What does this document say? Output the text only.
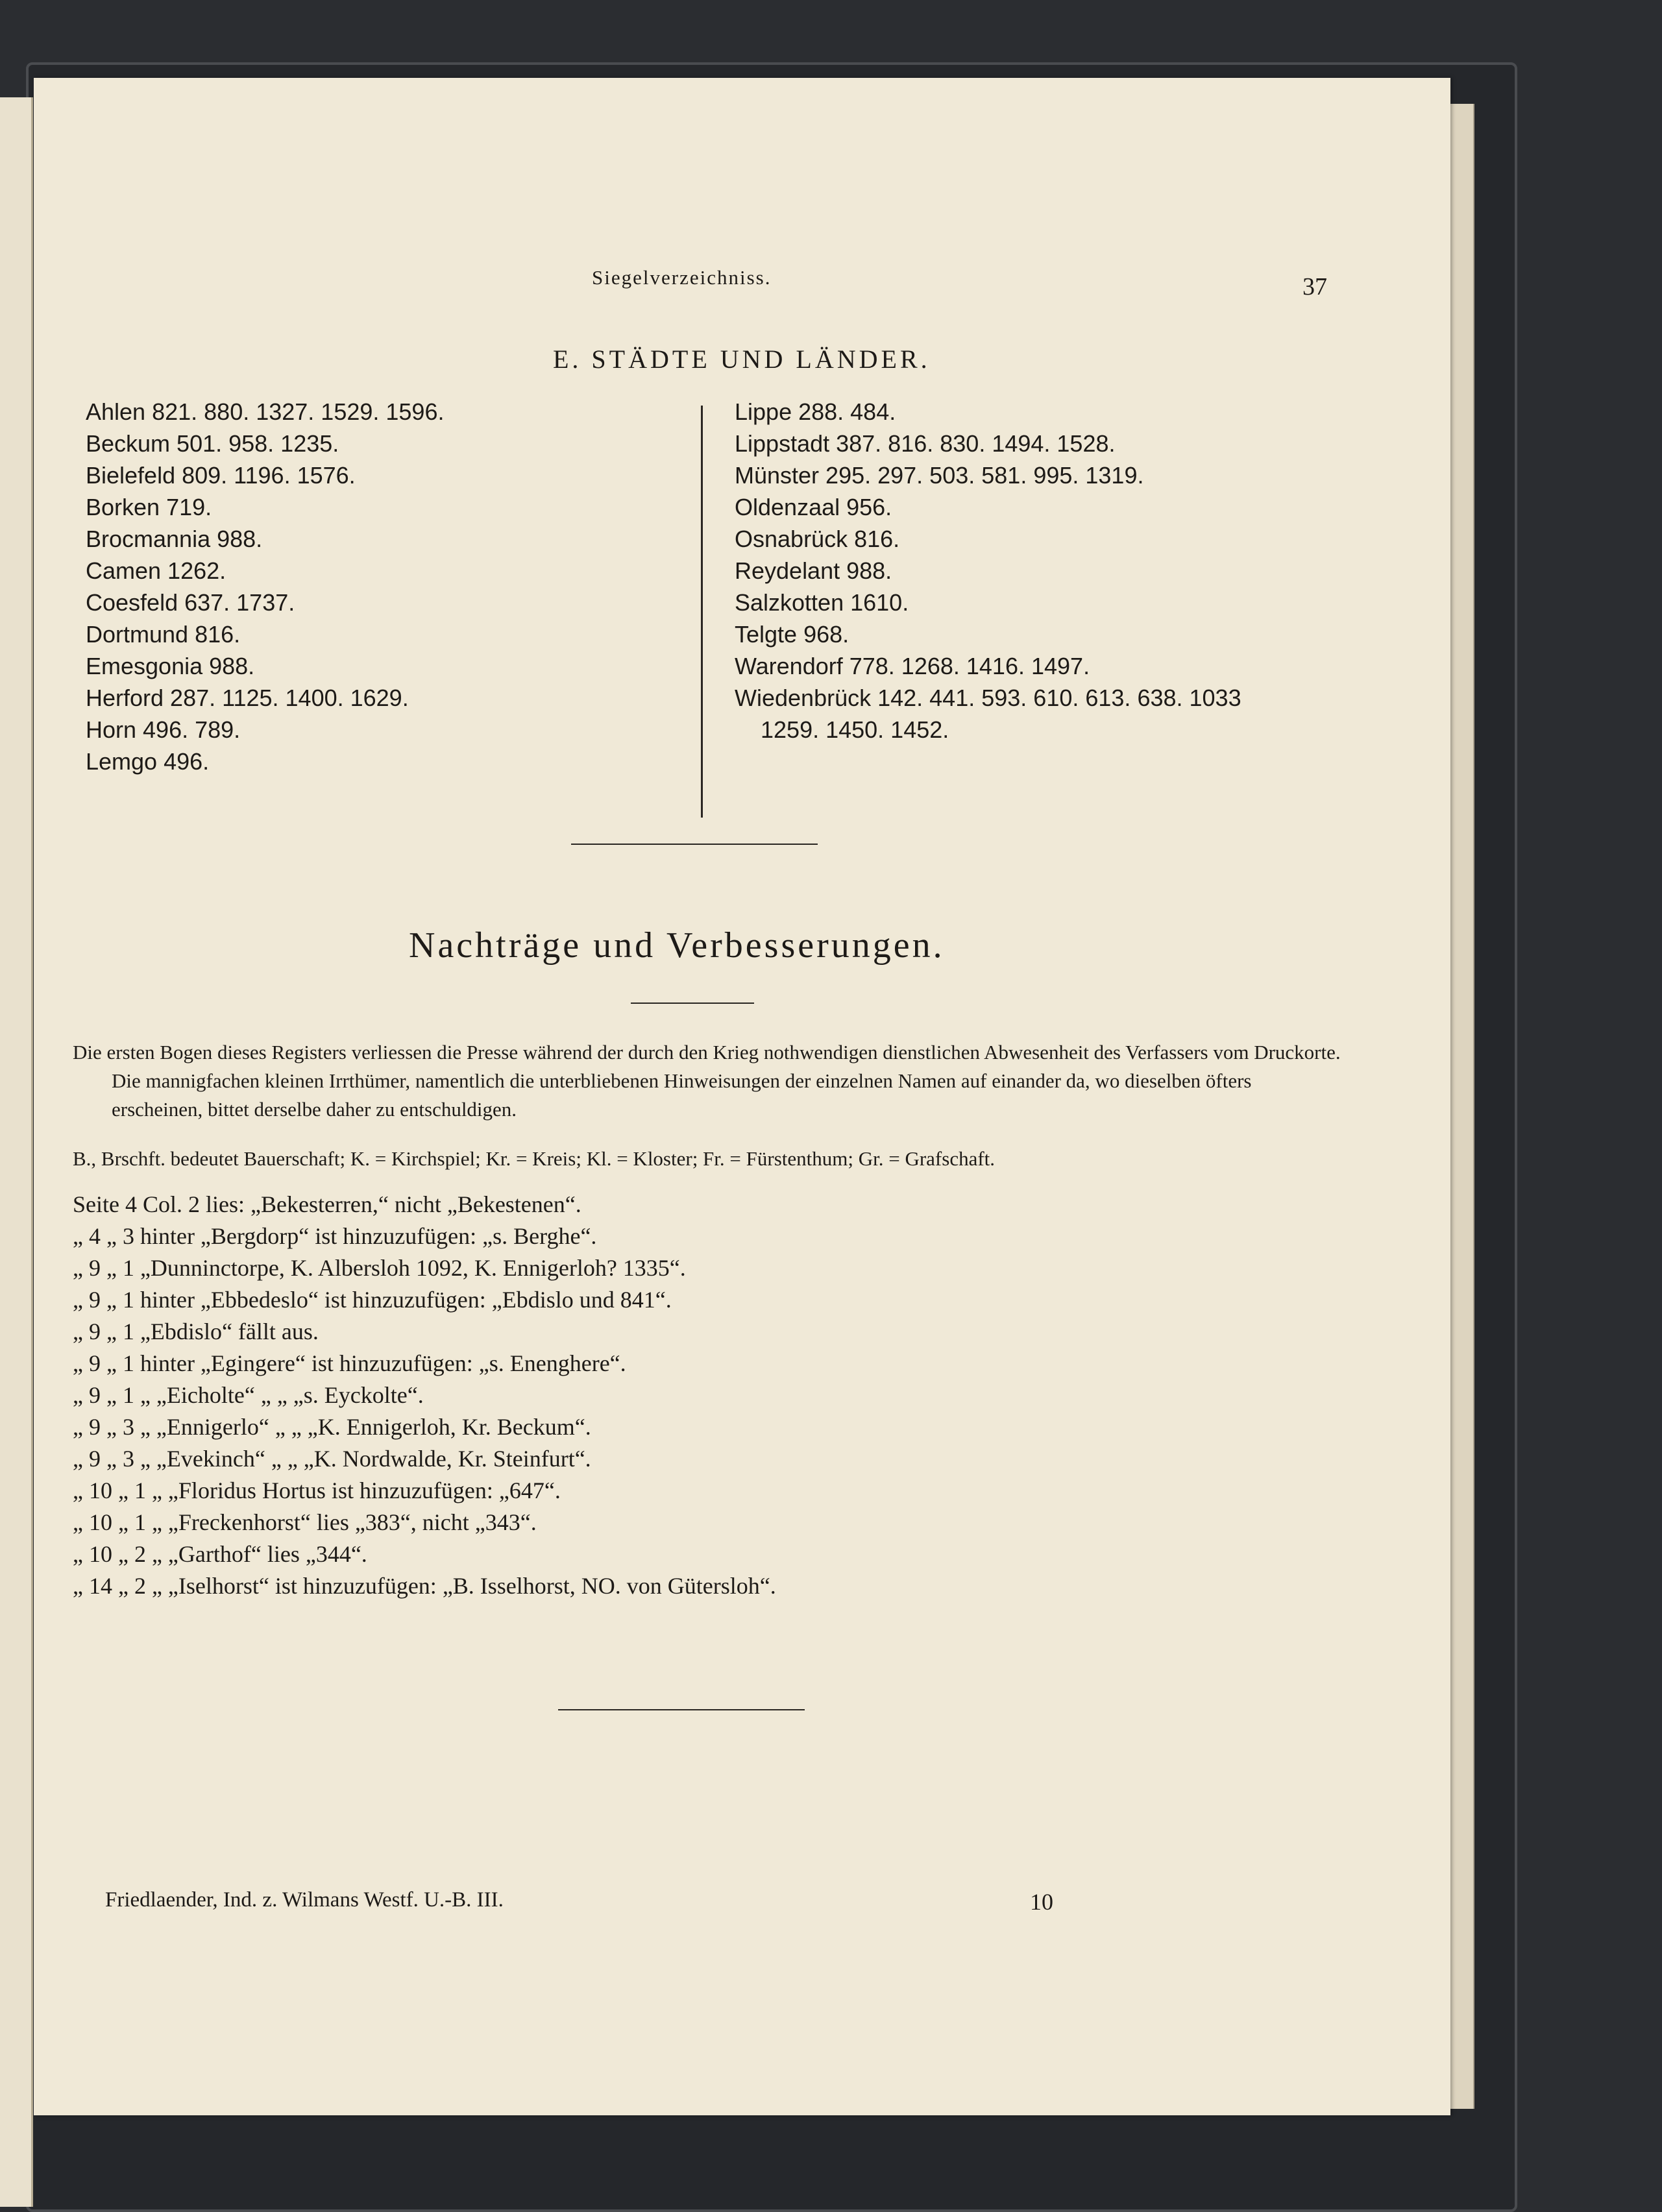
Siegelverzeichniss.	37
E. STÄDTE UND LÄNDER.
Ahlen 821. 880. 1327. 1529. 1596.
Beckum 501. 958. 1235.
Bielefeld 809. 1196. 1576.
Borken 719.
Brocmannia 988.
Camen 1262.
Coesfeld 637. 1737.
Dortmund 816.
Emesgonia 988.
Herford 287. 1125. 1400. 1629.
Horn 496. 789.
Lemgo 496.
Lippe 288. 484.
Lippstadt 387. 816. 830. 1494. 1528.
Münster 295. 297. 503. 581. 995. 1319.
Oldenzaal 956.
Osnabrück 816.
Reydelant 988.
Salzkotten 1610.
Telgte 968.
Warendorf 778. 1268. 1416. 1497.
Wiedenbrück 142. 441. 593. 610. 613. 638. 1033
1259. 1450. 1452.
Nachträge und Verbesserungen.

Die ersten Bogen dieses Registers verliessen die Presse während der durch den Krieg nothwendigen dienstlichen Abwesenheit des Verfassers vom Druckorte. Die mannigfachen kleinen Irrthümer, namentlich die unterbliebenen Hinweisungen der einzelnen Namen auf einander da, wo dieselben öfters erscheinen, bittet derselbe daher zu entschuldigen.

B., Brschft. bedeutet Bauerschaft; K. = Kirchspiel; Kr. = Kreis; Kl. = Kloster; Fr. = Fürstenthum; Gr. = Grafschaft.
Seite 4 Col. 2 lies: „Bekesterren,“ nicht „Bekestenen“.
„ 4 „ 3 hinter „Bergdorp“ ist hinzuzufügen: „s. Berghe“.
„ 9 „ 1 „Dunninctorpe, K. Albersloh 1092, K. Ennigerloh? 1335“.
„ 9 „ 1 hinter „Ebbedeslo“ ist hinzuzufügen: „Ebdislo und 841“.
„ 9 „ 1 „Ebdislo“ fällt aus.
„ 9 „ 1 hinter „Egingere“ ist hinzuzufügen: „s. Enenghere“.
„ 9 „ 1 „ „Eicholte“ „ „ „s. Eyckolte“.
„ 9 „ 3 „ „Ennigerlo“ „ „ „K. Ennigerloh, Kr. Beckum“.
„ 9 „ 3 „ „Evekinch“ „ „ „K. Nordwalde, Kr. Steinfurt“.
„ 10 „ 1 „ „Floridus Hortus ist hinzuzufügen: „647“.
„ 10 „ 1 „ „Freckenhorst“ lies „383“, nicht „343“.
„ 10 „ 2 „ „Garthof“ lies „344“.
„ 14 „ 2 „ „Iselhorst“ ist hinzuzufügen: „B. Isselhorst, NO. von Gütersloh“.
Friedlaender, Ind. z. Wilmans Westf. U.-B. III.	10
